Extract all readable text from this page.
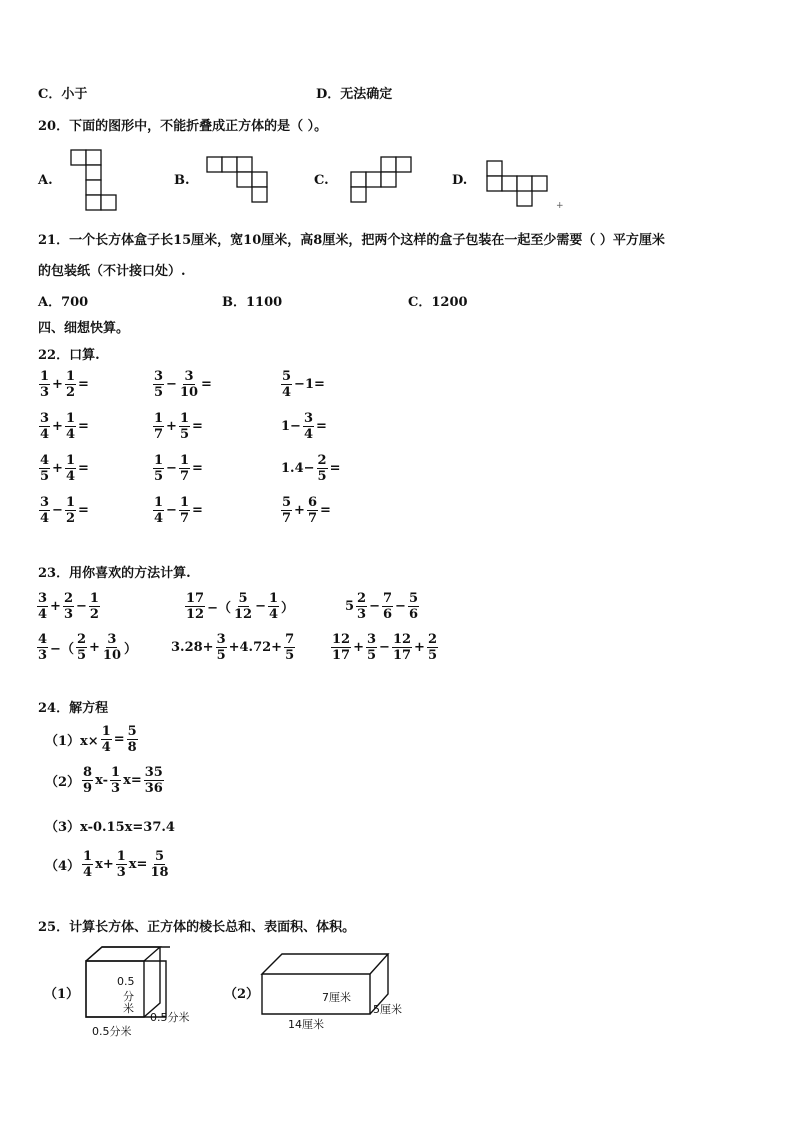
C．小于	D．无法确定
20．下面的图形中，不能折叠成正方体的是（ ）。
A.	B.	C.	D.
+
21．一个长方体盒子长15厘米，宽10厘米，高8厘米，把两个这样的盒子包装在一起至少需要（ ）平方厘米
的包装纸（不计接口处）.
A．700	B．1100	C．1200
四、细想快算。
22．口算.
$\frac{1}{3} + \frac{1}{2}$ =	$\frac{3}{5} - \frac{3}{10}$ =	$\frac{5}{4} -1=$
$\frac{3}{4} + \frac{1}{4}$ =	$\frac{1}{7} + \frac{1}{5}$ =	$1- \frac{3}{4}$ =
$\frac{4}{5} + \frac{1}{4}$ =	$\frac{1}{5} - \frac{1}{7}$ =	$1.4- \frac{2}{5}$ =
$\frac{3}{4} - \frac{1}{2}$ =	$\frac{1}{4} - \frac{1}{7}$ =	$\frac{5}{7} + \frac{6}{7}$ =
23．用你喜欢的方法计算.
$\frac{3}{4} + \frac{2}{3} - \frac{1}{2}$	$\frac{17}{12}$ −（ $\frac{5}{12} - \frac{1}{4}$ ）	$5 \frac{2}{3} - \frac{7}{6} - \frac{5}{6}$
$\frac{4}{3}$ −（ $\frac{2}{5} + \frac{3}{10}$ ）	$3.28+ \frac{3}{5} +4.72+ \frac{7}{5}$	$\frac{12}{17} + \frac{3}{5} - \frac{12}{17} + \frac{2}{5}$
24．解方程
$(1)x\times \frac{1}{4} = \frac{5}{8}$
$(2) \frac{8}{9} x- \frac{1}{3} x= \frac{35}{36}$
（3）x-0.15x=37.4
$(4) \frac{1}{4} x+ \frac{1}{3} x= \frac{5}{18}$
25．计算长方体、正方体的棱长总和、表面积、体积。
（1）
0.5
分
米
0.5分米
0.5分米
（2）	7厘米
5厘米
14厘米
